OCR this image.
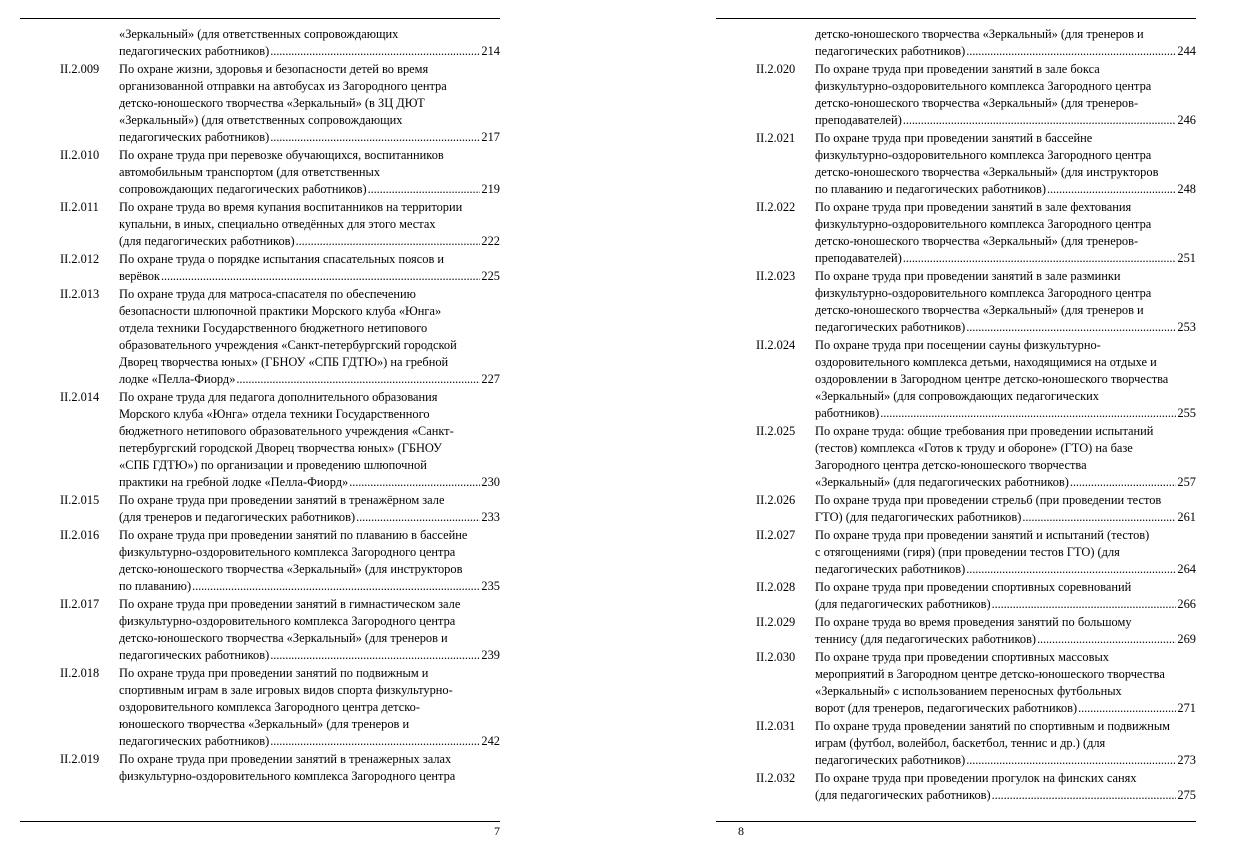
«Зеркальный» (для ответственных сопровождающих
педагогических работников) . . .	214
II.2.009 По охране жизни, здоровья и безопасности детей во время
организованной отправки на автобусах из Загородного центра
детско-юношеского творчества «Зеркальный» (в ЗЦ ДЮТ
«Зеркальный») (для ответственных сопровождающих
педагогических работников) . . .	217
II.2.010 По охране труда при перевозке обучающихся, воспитанников
автомобильным транспортом (для ответственных
сопровождающих педагогических работников) . . .	219
II.2.011 По охране труда во время купания воспитанников на территории
купальни, в иных, специально отведённых для этого местах
(для педагогических работников) . . .	222
II.2.012 По охране труда о порядке испытания спасательных поясов и
верёвок . . .	225
II.2.013 По охране труда для матроса-спасателя по обеспечению
безопасности шлюпочной практики Морского клуба «Юнга»
отдела техники Государственного бюджетного нетипового
образовательного учреждения «Санкт-петербургский городской
Дворец творчества юных» (ГБНОУ «СПБ ГДТЮ») на гребной
лодке «Пелла-Фиорд» . . .	227
II.2.014 По охране труда для педагога дополнительного образования
Морского клуба «Юнга» отдела техники Государственного
бюджетного нетипового образовательного учреждения «Санкт-
петербургский городской Дворец творчества юных» (ГБНОУ
«СПБ ГДТЮ») по организации и проведению шлюпочной
практики на гребной лодке «Пелла-Фиорд» . . .	230
II.2.015 По охране труда при проведении занятий в тренажёрном зале
(для тренеров и педагогических работников) . . .	233
II.2.016 По охране труда при проведении занятий по плаванию в бассейне
физкультурно-оздоровительного комплекса Загородного центра
детско-юношеского творчества «Зеркальный» (для инструкторов
по плаванию) . . .	235
II.2.017 По охране труда при проведении занятий в гимнастическом зале
физкультурно-оздоровительного комплекса Загородного центра
детско-юношеского творчества «Зеркальный» (для тренеров и
педагогических работников) . . .	239
II.2.018 По охране труда при проведении занятий по подвижным и
спортивным играм в зале игровых видов спорта физкультурно-
оздоровительного комплекса Загородного центра детско-
юношеского творчества «Зеркальный» (для тренеров и
педагогических работников) . . .	242
II.2.019 По охране труда при проведении занятий в тренажерных залах
физкультурно-оздоровительного комплекса Загородного центра
7
детско-юношеского творчества «Зеркальный» (для тренеров и
педагогических работников) . . .	244
II.2.020 По охране труда при проведении занятий в зале бокса
физкультурно-оздоровительного комплекса Загородного центра
детско-юношеского творчества «Зеркальный» (для тренеров-
преподавателей) . . .	246
II.2.021 По охране труда при проведении занятий в бассейне
физкультурно-оздоровительного комплекса Загородного центра
детско-юношеского творчества «Зеркальный» (для инструкторов
по плаванию и педагогических работников) . . .	248
II.2.022 По охране труда при проведении занятий в зале фехтования
физкультурно-оздоровительного комплекса Загородного центра
детско-юношеского творчества «Зеркальный» (для тренеров-
преподавателей) . . .	251
II.2.023 По охране труда при проведении занятий в зале разминки
физкультурно-оздоровительного комплекса Загородного центра
детско-юношеского творчества «Зеркальный» (для тренеров и
педагогических работников) . . .	253
II.2.024 По охране труда при посещении сауны физкультурно-
оздоровительного комплекса детьми, находящимися на отдыхе и
оздоровлении в Загородном центре детско-юношеского творчества
«Зеркальный» (для сопровождающих педагогических
работников) . . .	255
II.2.025 По охране труда: общие требования при проведении испытаний
(тестов) комплекса «Готов к труду и обороне» (ГТО) на базе
Загородного центра детско-юношеского творчества
«Зеркальный» (для педагогических работников) . . .	257
II.2.026 По охране труда при проведении стрельб (при проведении тестов
ГТО) (для педагогических работников) . . .	261
II.2.027 По охране труда при проведении занятий и испытаний (тестов)
с отягощениями (гиря) (при проведении тестов ГТО) (для
педагогических работников) . . .	264
II.2.028 По охране труда при проведении спортивных соревнований
(для педагогических работников) . . .	266
II.2.029 По охране труда во время проведения занятий по большому
теннису (для педагогических работников) . . .	269
II.2.030 По охране труда при проведении спортивных массовых
мероприятий в Загородном центре детско-юношеского творчества
«Зеркальный» с использованием переносных футбольных
ворот (для тренеров, педагогических работников) . . .	271
II.2.031 По охране труда проведении занятий по спортивным и подвижным
играм (футбол, волейбол, баскетбол, теннис и др.) (для
педагогических работников) . . .	273
II.2.032 По охране труда при проведении прогулок на финских санях
(для педагогических работников) . . .	275
8
